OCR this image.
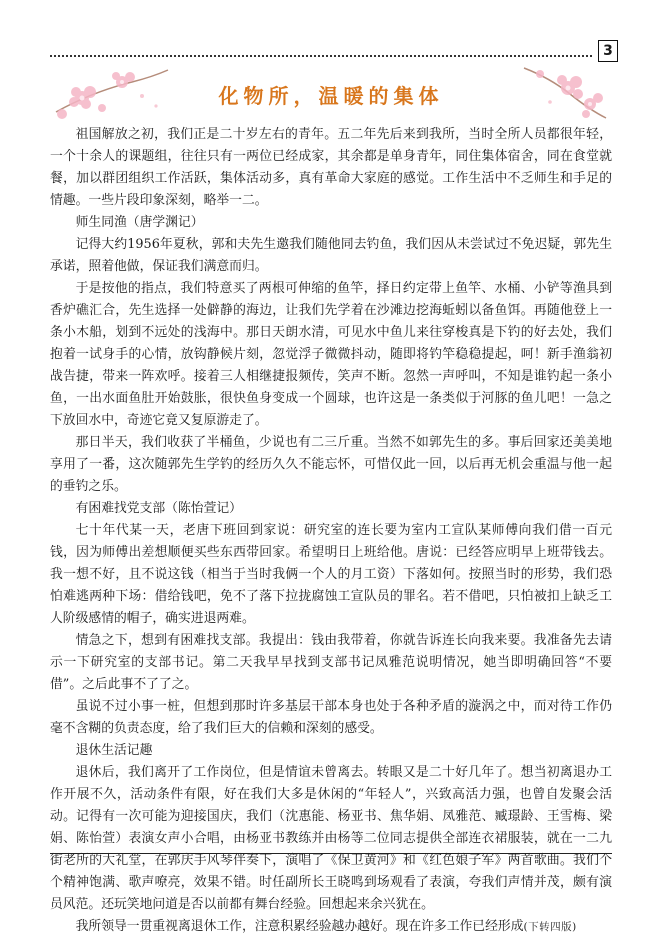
3
化物所，温暖的集体

祖国解放之初，我们正是二十岁左右的青年。五二年先后来到我所，当时全所人员都很年轻，一个十余人的课题组，往往只有一两位已经成家，其余都是单身青年，同住集体宿舍，同在食堂就餐，加以群团组织工作活跃，集体活动多，真有革命大家庭的感觉。工作生活中不乏师生和手足的情趣。一些片段印象深刻，略举一二。

师生同渔（唐学渊记）

记得大约1956年夏秋，郭和夫先生邀我们随他同去钓鱼，我们因从未尝试过不免迟疑，郭先生承诺，照着他做，保证我们满意而归。

于是按他的指点，我们特意买了两根可伸缩的鱼竿，择日约定带上鱼竿、水桶、小铲等渔具到香炉礁汇合，先生选择一处僻静的海边，让我们先学着在沙滩边挖海蚯蚓以备鱼饵。再随他登上一条小木船，划到不远处的浅海中。那日天朗水清，可见水中鱼儿来往穿梭真是下钓的好去处，我们抱着一试身手的心情，放钩静候片刻，忽觉浮子微微抖动，随即将钓竿稳稳提起，呵！新手渔翁初战告捷，带来一阵欢呼。接着三人相继捷报频传，笑声不断。忽然一声呼叫，不知是谁钓起一条小鱼，一出水面鱼肚开始鼓胀，很快鱼身变成一个圆球，也许这是一条类似于河豚的鱼儿吧！一急之下放回水中，奇迹它竟又复原游走了。

那日半天，我们收获了半桶鱼，少说也有二三斤重。当然不如郭先生的多。事后回家还美美地享用了一番，这次随郭先生学钓的经历久久不能忘怀，可惜仅此一回，以后再无机会重温与他一起的垂钓之乐。

有困难找党支部（陈怡萱记）

七十年代某一天，老唐下班回到家说：研究室的连长要为室内工宣队某师傅向我们借一百元钱，因为师傅出差想顺便买些东西带回家。希望明日上班给他。唐说：已经答应明早上班带钱去。我一想不好，且不说这钱（相当于当时我俩一个人的月工资）下落如何。按照当时的形势，我们恐怕难逃两种下场：借给钱吧，免不了落下拉拢腐蚀工宣队员的罪名。若不借吧，只怕被扣上缺乏工人阶级感情的帽子，确实进退两难。

情急之下，想到有困难找支部。我提出：钱由我带着，你就告诉连长向我来要。我准备先去请示一下研究室的支部书记。第二天我早早找到支部书记凤雅范说明情况，她当即明确回答“不要借”。之后此事不了了之。

虽说不过小事一桩，但想到那时许多基层干部本身也处于各种矛盾的漩涡之中，而对待工作仍毫不含糊的负责态度，给了我们巨大的信赖和深刻的感受。

退休生活记趣

退休后，我们离开了工作岗位，但是情谊未曾离去。转眼又是二十好几年了。想当初离退办工作开展不久，活动条件有限，好在我们大多是休闲的“年轻人”，兴致高活力强，也曾自发聚会活动。记得有一次可能为迎接国庆，我们（沈惠能、杨亚书、焦华娟、凤雅范、臧璟龄、王雪梅、梁娟、陈怡萱）表演女声小合唱，由杨亚书教练并由杨等二位同志提供全部连衣裙服装，就在一二九街老所的大礼堂，在郭庆手风琴伴奏下，演唱了《保卫黄河》和《红色娘子军》两首歌曲。我们个个精神饱满、歌声嘹亮，效果不错。时任副所长王晓鸣到场观看了表演，夸我们声情并茂，颇有演员风范。还玩笑地问道是否以前都有舞台经验。回想起来余兴犹在。

我所领导一贯重视离退休工作，注意积累经验越办越好。现在许多工作已经形成(下转四版)
